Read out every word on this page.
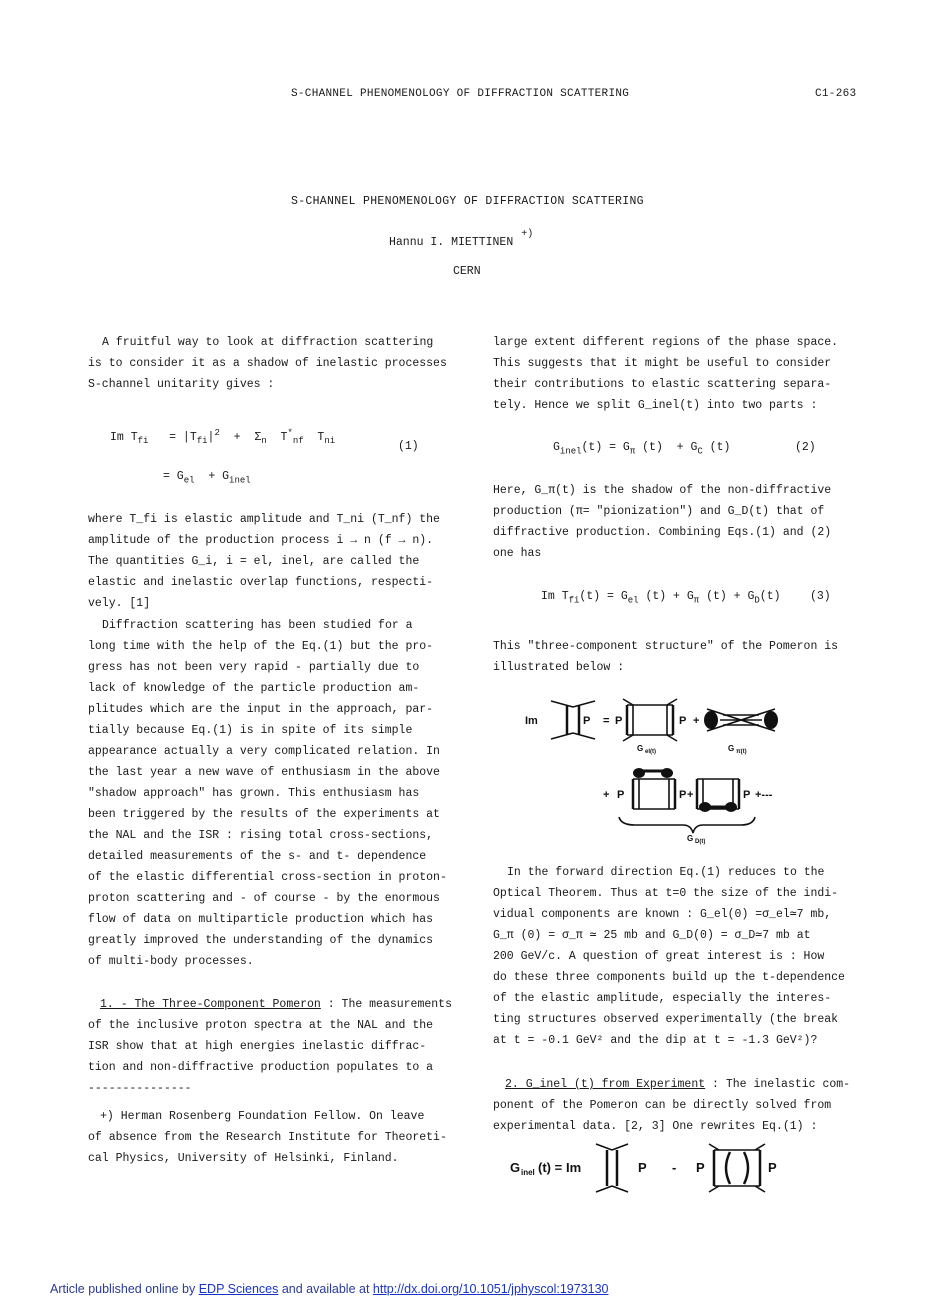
S-CHANNEL PHENOMENOLOGY OF DIFFRACTION SCATTERING	C1-263
S-CHANNEL PHENOMENOLOGY OF DIFFRACTION SCATTERING
Hannu I. MIETTINEN+)
CERN
A fruitful way to look at diffraction scattering
is to consider it as a shadow of inelastic processes
S-channel unitarity gives :
Im $T_{fi} = |T_{fi}|^2 + \Sigma_n$  $T^*_{nf}$  $T_{ni}$	(1)
= $G_{el} + G_{inel}$
where T_fi is elastic amplitude and T_ni (T_nf) the
amplitude of the production process i → n (f → n).
The quantities G_i, i = el, inel, are called the
elastic and inelastic overlap functions, respecti-
vely. [1]
Diffraction scattering has been studied for a
long time with the help of the Eq.(1) but the pro-
gress has not been very rapid - partially due to
lack of knowledge of the particle production am-
plitudes which are the input in the approach, par-
tially because Eq.(1) is in spite of its simple
appearance actually a very complicated relation. In
the last year a new wave of enthusiasm in the above
"shadow approach" has grown. This enthusiasm has
been triggered by the results of the experiments at
the NAL and the ISR : rising total cross-sections,
detailed measurements of the s- and t- dependence
of the elastic differential cross-section in proton-
proton scattering and - of course - by the enormous
flow of data on multiparticle production which has
greatly improved the understanding of the dynamics
of multi-body processes.
1. - The Three-Component Pomeron : The measurements
of the inclusive proton spectra at the NAL and the
ISR show that at high energies inelastic diffrac-
tion and non-diffractive production populates to a
---------------
+) Herman Rosenberg Foundation Fellow. On leave
of absence from the Research Institute for Theoreti-
cal Physics, University of Helsinki, Finland.
large extent different regions of the phase space.
This suggests that it might be useful to consider
their contributions to elastic scattering separa-
tely. Hence we split G_inel(t) into two parts :
$G_{inel}(t) = G_\pi$ $(t) + G_C$ (t)	(2)
Here, G_π(t) is the shadow of the non-diffractive
production (π= "pionization") and G_D(t) that of
diffractive production. Combining Eqs.(1) and (2)
one has
Im $T_{fi}(t) = G_{el}$ $(t) + G_\pi$ $(t) + G_D(t)$	(3)
This "three-component structure" of the Pomeron is
illustrated below :
Im	P = P	P +
G el(t)	G π(t)
+ P	P +	P +---
G D(t)
In the forward direction Eq.(1) reduces to the
Optical Theorem. Thus at t=0 the size of the indi-
vidual components are known : G_el(0) =σ_el≃7 mb,
G_π (0) = σ_π ≃ 25 mb and G_D(0) = σ_D≃7 mb at
200 GeV/c. A question of great interest is : How
do these three components build up the t-dependence
of the elastic amplitude, especially the interes-
ting structures observed experimentally (the break
at t = -0.1 GeV² and the dip at t = -1.3 GeV²)?
2. G_inel (t) from Experiment : The inelastic com-
ponent of the Pomeron can be directly solved from
experimental data. [2, 3] One rewrites Eq.(1) :
G inel (t) = Im	P - P	P
Article published online by EDP Sciences and available at http://dx.doi.org/10.1051/jphyscol:1973130
